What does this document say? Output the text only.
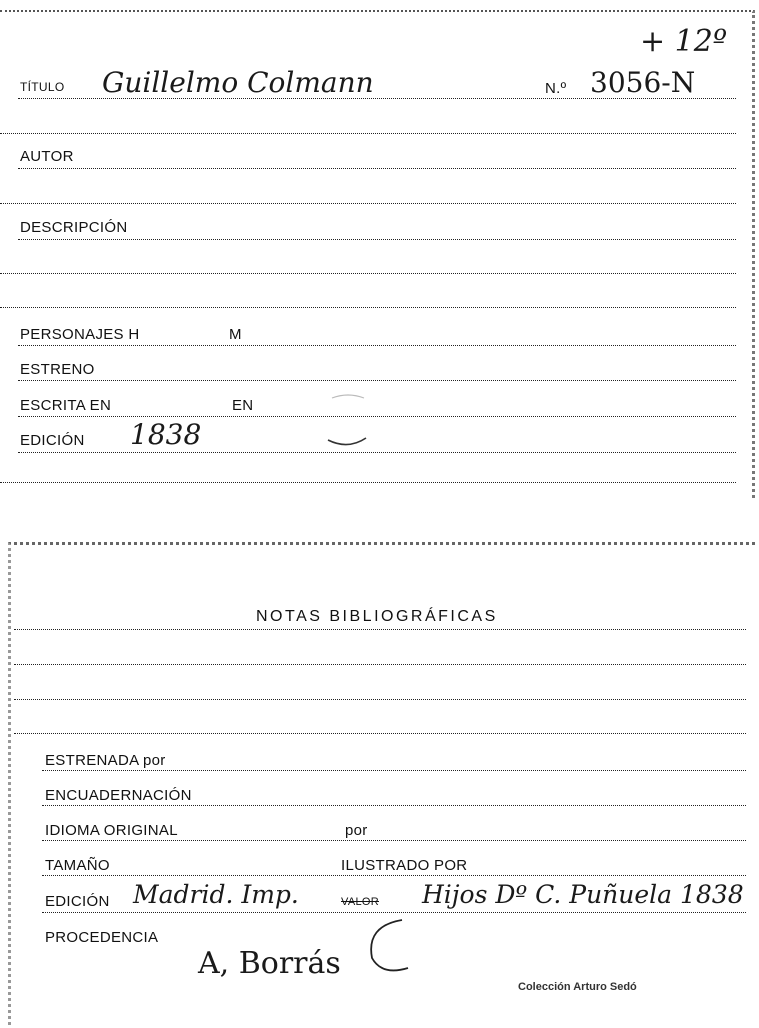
+ 12º
TÍTULO Guillelmo Colmann	N.º 3056-N
AUTOR
DESCRIPCIÓN
PERSONAJES H	M
ESTRENO
ESCRITA EN	EN
EDICIÓN 1838
NOTAS BIBLIOGRÁFICAS
ESTRENADA por
ENCUADERNACIÓN
IDIOMA ORIGINAL	por
TAMAÑO	ILUSTRADO POR
EDICIÓN Madrid. Imp.	VALOR Hijos Dº C. Puñuela 1838
PROCEDENCIA
A, Borrás
Colección Arturo Sedó
